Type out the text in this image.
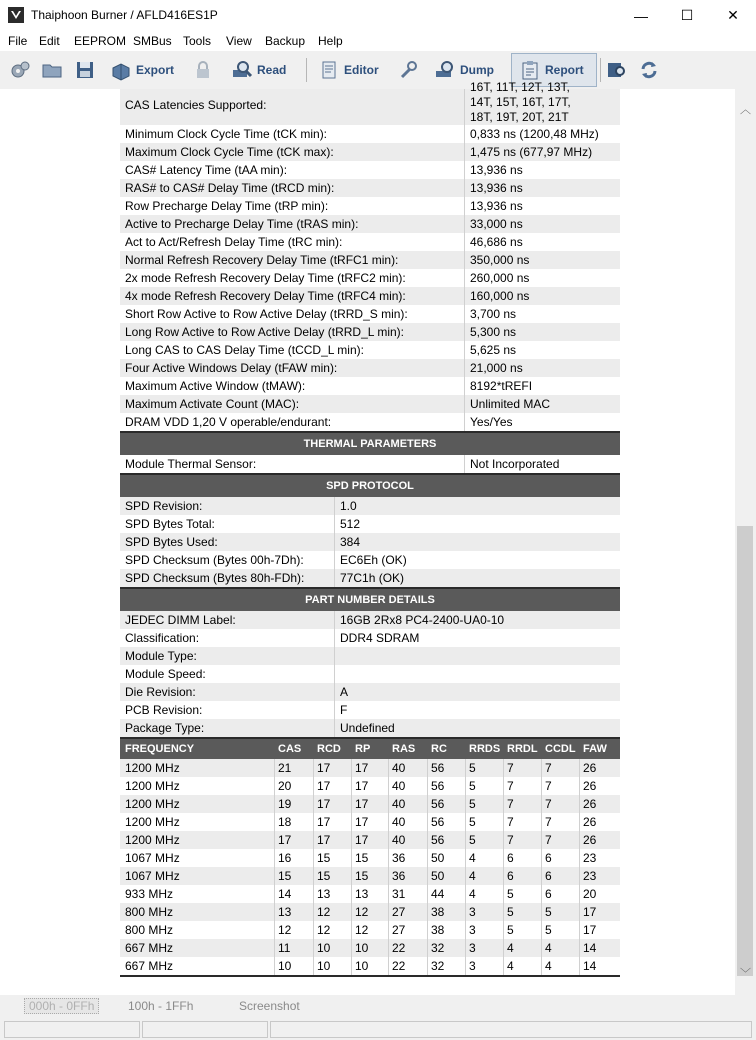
Thaiphoon Burner / AFLD416ES1P	— ☐ ✕
File Edit EEPROM SMBus Tools View Backup Help
Export	Read	Editor	Dump	Report
CAS Latencies Supported:
16T, 11T, 12T, 13T,
14T, 15T, 16T, 17T,
18T, 19T, 20T, 21T
Minimum Clock Cycle Time (tCK min):	0,833 ns (1200,48 MHz)
Maximum Clock Cycle Time (tCK max):	1,475 ns (677,97 MHz)
CAS# Latency Time (tAA min):	13,936 ns
RAS# to CAS# Delay Time (tRCD min):	13,936 ns
Row Precharge Delay Time (tRP min):	13,936 ns
Active to Precharge Delay Time (tRAS min):	33,000 ns
Act to Act/Refresh Delay Time (tRC min):	46,686 ns
Normal Refresh Recovery Delay Time (tRFC1 min):	350,000 ns
2x mode Refresh Recovery Delay Time (tRFC2 min):	260,000 ns
4x mode Refresh Recovery Delay Time (tRFC4 min):	160,000 ns
Short Row Active to Row Active Delay (tRRD_S min):	3,700 ns
Long Row Active to Row Active Delay (tRRD_L min):	5,300 ns
Long CAS to CAS Delay Time (tCCD_L min):	5,625 ns
Four Active Windows Delay (tFAW min):	21,000 ns
Maximum Active Window (tMAW):	8192*tREFI
Maximum Activate Count (MAC):	Unlimited MAC
DRAM VDD 1,20 V operable/endurant:	Yes/Yes
THERMAL PARAMETERS
Module Thermal Sensor:	Not Incorporated
SPD PROTOCOL
SPD Revision:	1.0
SPD Bytes Total:	512
SPD Bytes Used:	384
SPD Checksum (Bytes 00h-7Dh):	EC6Eh (OK)
SPD Checksum (Bytes 80h-FDh):	77C1h (OK)
PART NUMBER DETAILS
JEDEC DIMM Label:	16GB 2Rx8 PC4-2400-UA0-10
Classification:	DDR4 SDRAM
Module Type:
Module Speed:
Die Revision:	A
PCB Revision:	F
Package Type:	Undefined
FREQUENCY	CAS RCD RP RAS RC RRDS RRDL CCDL FAW
1200 MHz	21 17 17 40 56 5	7	7	26
1200 MHz	20 17 17 40 56 5	7	7	26
1200 MHz	19 17 17 40 56 5	7	7	26
1200 MHz	18 17 17 40 56 5	7	7	26
1200 MHz	17 17 17 40 56 5	7	7	26
1067 MHz	16 15 15 36 50 4	6	6	23
1067 MHz	15 15 15 36 50 4	6	6	23
933 MHz	14 13 13 31 44 4	5	6	20
800 MHz	13 12 12 27 38 3	5	5	17
800 MHz	12 12 12 27 38 3	5	5	17
667 MHz	11 10 10 22 32 3	4	4	14
667 MHz	10 10 10 22 32 3	4	4	14
︿
﹀
000h - 0FFh	100h - 1FFh	Screenshot
